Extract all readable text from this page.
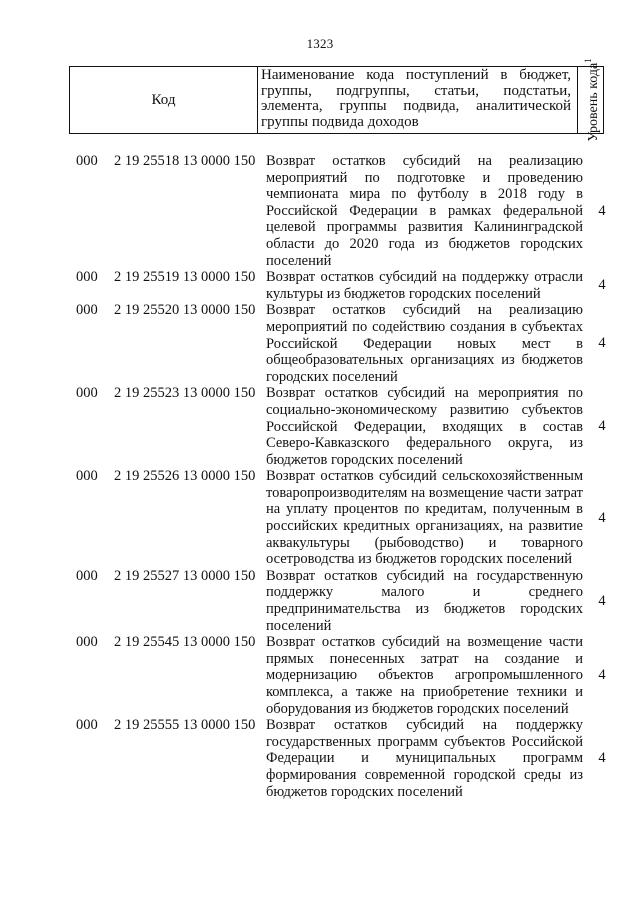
1323
Код
Наименование кода поступлений в бюджет, группы, подгруппы, статьи, подстатьи, элемента, группы подвида, аналитической группы подвида доходов	Уровень кода$^1$
000 2 19 25518 13 0000 150 Возврат остатков субсидий на реализацию мероприятий по подготовке и проведению чемпионата мира по футболу в 2018 году в Российской Федерации в рамках федеральной целевой программы развития Калининградской области до 2020 года из бюджетов городских поселений
4
000 2 19 25519 13 0000 150 Возврат остатков субсидий на поддержку отрасли культуры из бюджетов городских поселений
4
000 2 19 25520 13 0000 150 Возврат остатков субсидий на реализацию мероприятий по содействию создания в субъектах Российской Федерации новых мест в общеобразовательных организациях из бюджетов городских поселений
4
000 2 19 25523 13 0000 150 Возврат остатков субсидий на мероприятия по социально-экономическому развитию субъектов Российской Федерации, входящих в состав Северо-Кавказского федерального округа, из бюджетов городских поселений
4
000 2 19 25526 13 0000 150 Возврат остатков субсидий сельскохозяйственным товаропроизводителям на возмещение части затрат на уплату процентов по кредитам, полученным в российских кредитных организациях, на развитие аквакультуры (рыбоводство) и товарного осетроводства из бюджетов городских поселений
4
000 2 19 25527 13 0000 150 Возврат остатков субсидий на государственную поддержку малого и среднего предпринимательства из бюджетов городских поселений
4
000 2 19 25545 13 0000 150 Возврат остатков субсидий на возмещение части прямых понесенных затрат на создание и модернизацию объектов агропромышленного комплекса, а также на приобретение техники и оборудования из бюджетов городских поселений
4
000 2 19 25555 13 0000 150 Возврат остатков субсидий на поддержку государственных программ субъектов Российской Федерации и муниципальных программ формирования современной городской среды из бюджетов городских поселений
4
